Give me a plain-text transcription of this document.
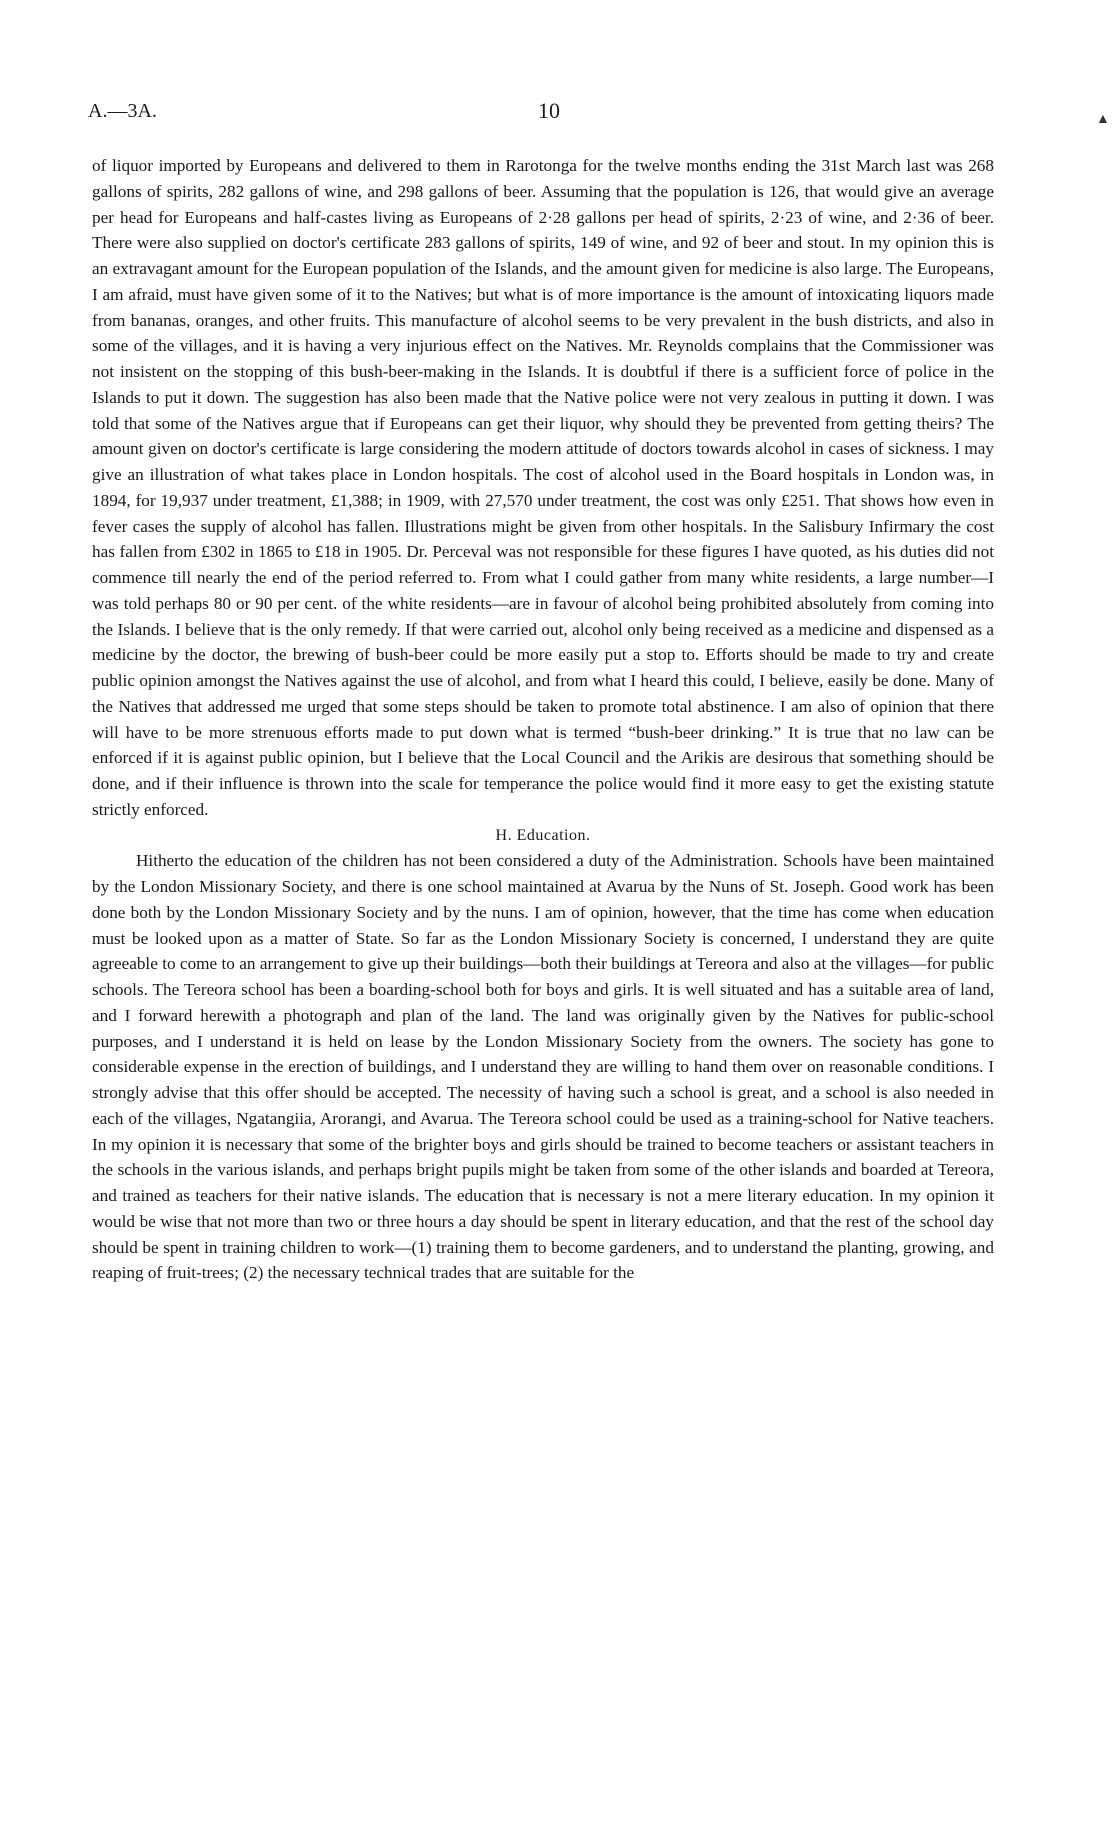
A.—3A.	10	▲

of liquor imported by Europeans and delivered to them in Rarotonga for the twelve months ending the 31st March last was 268 gallons of spirits, 282 gallons of wine, and 298 gallons of beer. Assuming that the population is 126, that would give an average per head for Europeans and half-castes living as Europeans of 2·28 gallons per head of spirits, 2·23 of wine, and 2·36 of beer. There were also supplied on doctor's certificate 283 gallons of spirits, 149 of wine, and 92 of beer and stout. In my opinion this is an extravagant amount for the European population of the Islands, and the amount given for medicine is also large. The Europeans, I am afraid, must have given some of it to the Natives; but what is of more importance is the amount of intoxicating liquors made from bananas, oranges, and other fruits. This manufacture of alcohol seems to be very prevalent in the bush districts, and also in some of the villages, and it is having a very injurious effect on the Natives. Mr. Reynolds complains that the Commissioner was not insistent on the stopping of this bush-beer-making in the Islands. It is doubtful if there is a sufficient force of police in the Islands to put it down. The suggestion has also been made that the Native police were not very zealous in putting it down. I was told that some of the Natives argue that if Europeans can get their liquor, why should they be prevented from getting theirs? The amount given on doctor's certificate is large considering the modern attitude of doctors towards alcohol in cases of sickness. I may give an illustration of what takes place in London hospitals. The cost of alcohol used in the Board hospitals in London was, in 1894, for 19,937 under treatment, £1,388; in 1909, with 27,570 under treatment, the cost was only £251. That shows how even in fever cases the supply of alcohol has fallen. Illustrations might be given from other hospitals. In the Salisbury Infirmary the cost has fallen from £302 in 1865 to £18 in 1905. Dr. Perceval was not responsible for these figures I have quoted, as his duties did not commence till nearly the end of the period referred to. From what I could gather from many white residents, a large number—I was told perhaps 80 or 90 per cent. of the white residents—are in favour of alcohol being prohibited absolutely from coming into the Islands. I believe that is the only remedy. If that were carried out, alcohol only being received as a medicine and dispensed as a medicine by the doctor, the brewing of bush-beer could be more easily put a stop to. Efforts should be made to try and create public opinion amongst the Natives against the use of alcohol, and from what I heard this could, I believe, easily be done. Many of the Natives that addressed me urged that some steps should be taken to promote total abstinence. I am also of opinion that there will have to be more strenuous efforts made to put down what is termed “bush-beer drinking.” It is true that no law can be enforced if it is against public opinion, but I believe that the Local Council and the Arikis are desirous that something should be done, and if their influence is thrown into the scale for temperance the police would find it more easy to get the existing statute strictly enforced.

H. Education.

Hitherto the education of the children has not been considered a duty of the Administration. Schools have been maintained by the London Missionary Society, and there is one school maintained at Avarua by the Nuns of St. Joseph. Good work has been done both by the London Missionary Society and by the nuns. I am of opinion, however, that the time has come when education must be looked upon as a matter of State. So far as the London Missionary Society is concerned, I understand they are quite agreeable to come to an arrangement to give up their buildings—both their buildings at Tereora and also at the villages—for public schools. The Tereora school has been a boarding-school both for boys and girls. It is well situated and has a suitable area of land, and I forward herewith a photograph and plan of the land. The land was originally given by the Natives for public-school purposes, and I understand it is held on lease by the London Missionary Society from the owners. The society has gone to considerable expense in the erection of buildings, and I understand they are willing to hand them over on reasonable conditions. I strongly advise that this offer should be accepted. The necessity of having such a school is great, and a school is also needed in each of the villages, Ngatangiia, Arorangi, and Avarua. The Tereora school could be used as a training-school for Native teachers. In my opinion it is necessary that some of the brighter boys and girls should be trained to become teachers or assistant teachers in the schools in the various islands, and perhaps bright pupils might be taken from some of the other islands and boarded at Tereora, and trained as teachers for their native islands. The education that is necessary is not a mere literary education. In my opinion it would be wise that not more than two or three hours a day should be spent in literary education, and that the rest of the school day should be spent in training children to work—(1) training them to become gardeners, and to understand the planting, growing, and reaping of fruit-trees; (2) the necessary technical trades that are suitable for the
